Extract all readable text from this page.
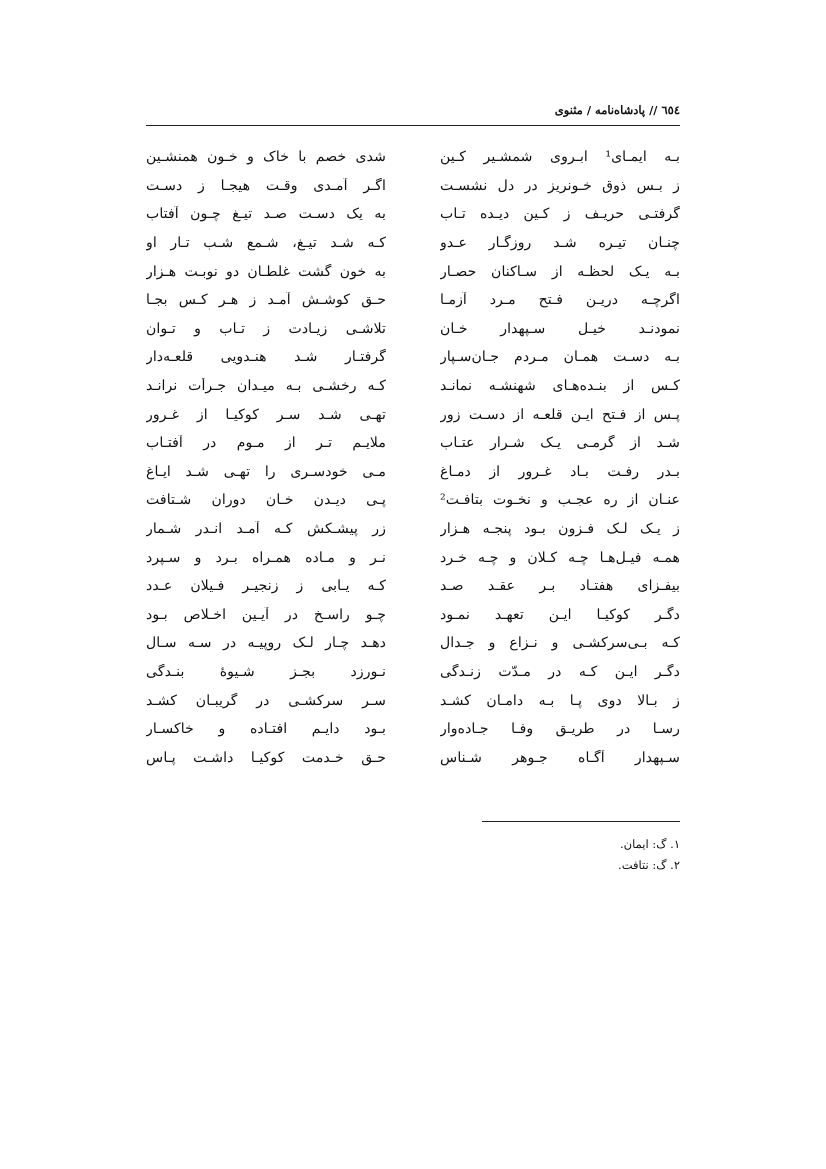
٦٥٤
//
پادشاه‌نامه / مثنوی
بـه ایمـای¹ ابـروی شمشـیر کـین
شدی خصم با خاک و خـون همنشـین
ز بـس ذوق خـونریز در دل نشسـت
اگـر آمـدی وقـت هیجـا ز دسـت
گرفتـی حریـف ز کـین دیـده تـاب
به یک دسـت صـد تیـغ چـون آفتاب
چنـان تیـره شـد روزگـار عـدو
کـه شـد تیـغ، شـمع شـب تـار او
بـه یـک لحظـه از سـاکنان حصـار
به خون گشت غلطـان دو نوبـت هـزار
اگرچـه دریـن فـتح مـرد آزمـا
حـق کوشـش آمـد ز هـر کـس بجـا
نمودنـد خیـل سـپهدار خـان
تلاشـی زیـادت ز تـاب و تـوان
بـه دسـت همـان مـردم جـان‌سـپار
گرفتـار شـد هنـدویی قلعـه‌دار
کـس از بنـده‌هـای شهنشـه نمانـد
کـه رخشـی بـه میـدان جـرأت نرانـد
پـس از فـتح ایـن قلعـه از دسـت زور
تهـی شـد سـر کوکیـا از غـرور
شـد از گرمـی یـک شـرار عتـاب
ملایـم تـر از مـوم در آفتـاب
بـدر رفـت بـاد غـرور از دمـاغ
مـی خودسـری را تهـی شـد ایـاغ
عنـان از ره عجـب و نخـوت بتافـت²
پـی دیـدن خـان دوران شـتافت
ز یـک لـک فـزون بـود پنجـه هـزار
زر پیشـکش کـه آمـد انـدر شـمار
همـه فیـل‌هـا چـه کـلان و چـه خـرد
نـر و مـاده همـراه بـرد و سـپرد
بیفـزای هفتـاد بـر عقـد صـد
کـه یـابی ز زنجیـر فـیلان عـدد
دگـر کوکیـا ایـن تعهـد نمـود
چـو راسـخ در آیـین اخـلاص بـود
کـه بـی‌سرکشـی و نـزاع و جـدال
دهـد چـار لـک روپیـه در سـه سـال
دگـر ایـن کـه در مـدّت زنـدگی
نـورزد بجـز شـیوهٔ بنـدگی
ز بـالا دوی پـا بـه دامـان کشـد
سـر سرکشـی در گریبـان کشـد
رسـا در طریـق وفـا جـاده‌وار
بـود دایـم افتـاده و خاکسـار
سـپهدار آگـاه جـوهر شـناس
حـق خـدمت کوکیـا داشـت پـاس
۱. گ: ایمان.
۲. گ: نتافت.
